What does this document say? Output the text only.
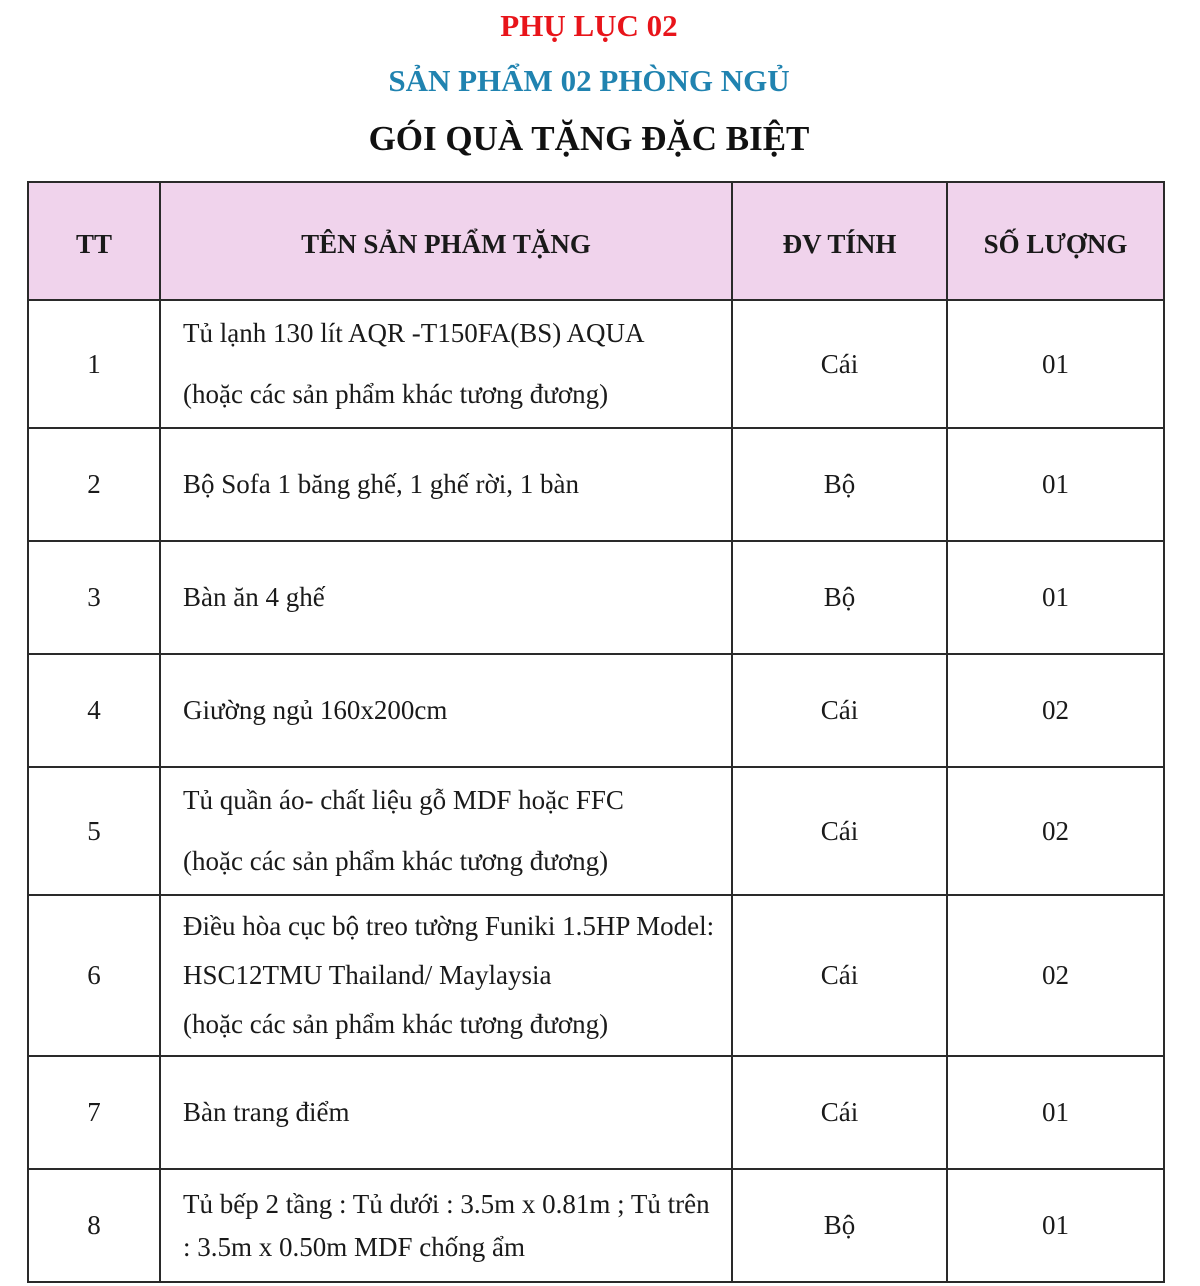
PHỤ LỤC 02
SẢN PHẨM 02 PHÒNG NGỦ
GÓI QUÀ TẶNG ĐẶC BIỆT
TT	TÊN SẢN PHẨM TẶNG	ĐV TÍNH	SỐ LƯỢNG
1	Tủ lạnh 130 lít AQR -T150FA(BS) AQUA
(hoặc các sản phẩm khác tương đương)	Cái	01
2	Bộ Sofa 1 băng ghế, 1 ghế rời, 1 bàn	Bộ	01
3	Bàn ăn 4 ghế	Bộ	01
4	Giường ngủ 160x200cm	Cái	02
5	Tủ quần áo- chất liệu gỗ MDF hoặc FFC
(hoặc các sản phẩm khác tương đương)	Cái	02
6	Điều hòa cục bộ treo tường Funiki 1.5HP Model:
HSC12TMU Thailand/ Maylaysia
(hoặc các sản phẩm khác tương đương)	Cái	02
7	Bàn trang điểm	Cái	01
8	Tủ bếp 2 tầng : Tủ dưới : 3.5m x 0.81m ; Tủ trên
: 3.5m x 0.50m MDF chống ẩm	Bộ	01
